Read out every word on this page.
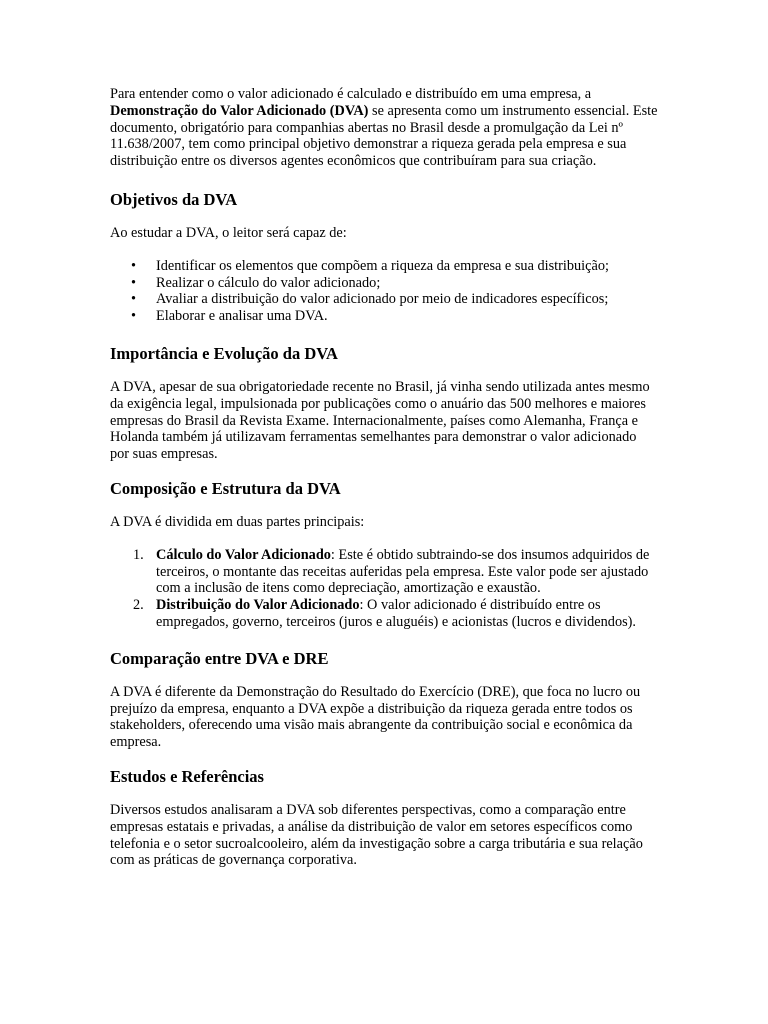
Para entender como o valor adicionado é calculado e distribuído em uma empresa, a Demonstração do Valor Adicionado (DVA) se apresenta como um instrumento essencial. Este documento, obrigatório para companhias abertas no Brasil desde a promulgação da Lei nº 11.638/2007, tem como principal objetivo demonstrar a riqueza gerada pela empresa e sua distribuição entre os diversos agentes econômicos que contribuíram para sua criação.

Objetivos da DVA

Ao estudar a DVA, o leitor será capaz de:

• Identificar os elementos que compõem a riqueza da empresa e sua distribuição;
• Realizar o cálculo do valor adicionado;
• Avaliar a distribuição do valor adicionado por meio de indicadores específicos;
• Elaborar e analisar uma DVA.
Importância e Evolução da DVA

A DVA, apesar de sua obrigatoriedade recente no Brasil, já vinha sendo utilizada antes mesmo da exigência legal, impulsionada por publicações como o anuário das 500 melhores e maiores empresas do Brasil da Revista Exame. Internacionalmente, países como Alemanha, França e Holanda também já utilizavam ferramentas semelhantes para demonstrar o valor adicionado por suas empresas.

Composição e Estrutura da DVA

A DVA é dividida em duas partes principais:

1. Cálculo do Valor Adicionado: Este é obtido subtraindo-se dos insumos adquiridos de terceiros, o montante das receitas auferidas pela empresa. Este valor pode ser ajustado com a inclusão de itens como depreciação, amortização e exaustão.
2. Distribuição do Valor Adicionado: O valor adicionado é distribuído entre os empregados, governo, terceiros (juros e aluguéis) e acionistas (lucros e dividendos).
Comparação entre DVA e DRE

A DVA é diferente da Demonstração do Resultado do Exercício (DRE), que foca no lucro ou prejuízo da empresa, enquanto a DVA expõe a distribuição da riqueza gerada entre todos os stakeholders, oferecendo uma visão mais abrangente da contribuição social e econômica da empresa.

Estudos e Referências

Diversos estudos analisaram a DVA sob diferentes perspectivas, como a comparação entre empresas estatais e privadas, a análise da distribuição de valor em setores específicos como telefonia e o setor sucroalcooleiro, além da investigação sobre a carga tributária e sua relação com as práticas de governança corporativa.
